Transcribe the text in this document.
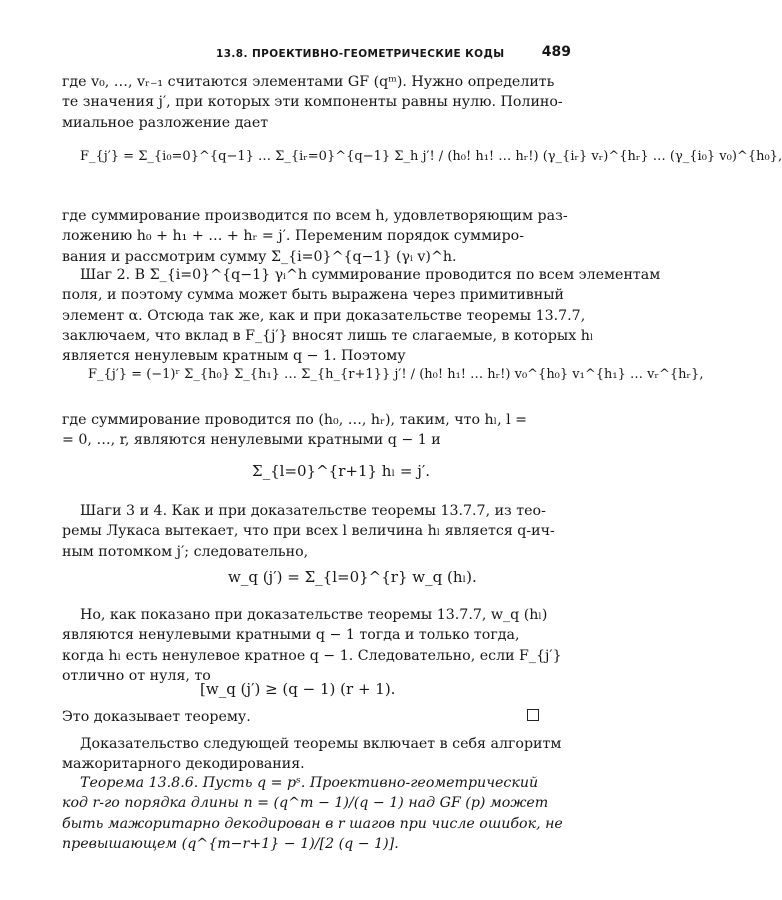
13.8. ПРОЕКТИВНО-ГЕОМЕТРИЧЕСКИЕ КОДЫ	489
где v₀, …, vᵣ₋₁ считаются элементами GF (qᵐ). Нужно определить
те значения j′, при которых эти компоненты равны нулю. Полино-
миальное разложение дает
F_{j′} = Σ_{i₀=0}^{q−1} … Σ_{iᵣ=0}^{q−1} Σ_h j′! / (h₀! h₁! … hᵣ!) (γ_{iᵣ} vᵣ)^{hᵣ} … (γ_{i₀} v₀)^{h₀},
где суммирование производится по всем h, удовлетворяющим раз-
ложению h₀ + h₁ + … + hᵣ = j′. Переменим порядок суммиро-
вания и рассмотрим сумму Σ_{i=0}^{q−1} (γᵢ v)^h.
Шаг 2. В Σ_{i=0}^{q−1} γᵢ^h суммирование проводится по всем элементам
поля, и поэтому сумма может быть выражена через примитивный
элемент α. Отсюда так же, как и при доказательстве теоремы 13.7.7,
заключаем, что вклад в F_{j′} вносят лишь те слагаемые, в которых hₗ
является ненулевым кратным q − 1. Поэтому
F_{j′} = (−1)ʳ Σ_{h₀} Σ_{h₁} … Σ_{h_{r+1}} j′! / (h₀! h₁! … hᵣ!) v₀^{h₀} v₁^{h₁} … vᵣ^{hᵣ},
где суммирование проводится по (h₀, …, hᵣ), таким, что hₗ, l =
= 0, …, r, являются ненулевыми кратными q − 1 и
Σ_{l=0}^{r+1} hₗ = j′.
Шаги 3 и 4. Как и при доказательстве теоремы 13.7.7, из тео-
ремы Лукаса вытекает, что при всех l величина hₗ является q-ич-
ным потомком j′; следовательно,
w_q (j′) = Σ_{l=0}^{r} w_q (hₗ).
Но, как показано при доказательстве теоремы 13.7.7, w_q (hₗ)
являются ненулевыми кратными q − 1 тогда и только тогда,
когда hₗ есть ненулевое кратное q − 1. Следовательно, если F_{j′}
отлично от нуля, то
[w_q (j′) ≥ (q − 1) (r + 1).
Это доказывает теорему.
Доказательство следующей теоремы включает в себя алгоритм
мажоритарного декодирования.
Теорема 13.8.6. Пусть q = pˢ. Проективно-геометрический
код r-го порядка длины n = (q^m − 1)/(q − 1) над GF (p) может
быть мажоритарно декодирован в r шагов при числе ошибок, не
превышающем (q^{m−r+1} − 1)/[2 (q − 1)].
